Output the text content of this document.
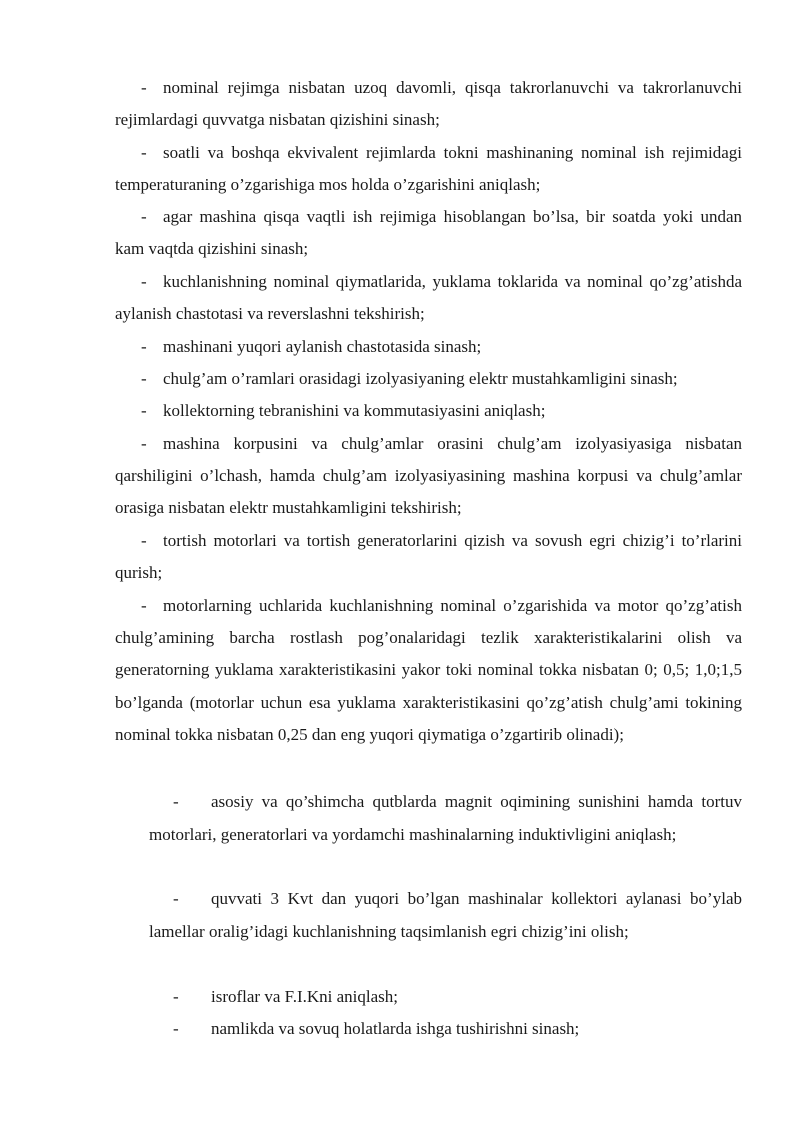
- nominal rejimga nisbatan uzoq davomli, qisqa takrorlanuvchi va takrorlanuvchi rejimlardagi quvvatga nisbatan qizishini sinash;

- soatli va boshqa ekvivalent rejimlarda tokni mashinaning nominal ish rejimidagi temperaturaning o’zgarishiga mos holda o’zgarishini aniqlash;

- agar mashina qisqa vaqtli ish rejimiga hisoblangan bo’lsa, bir soatda yoki undan kam vaqtda qizishini sinash;

- kuchlanishning nominal qiymatlarida, yuklama toklarida va nominal qo’zg’atishda aylanish chastotasi va reverslashni tekshirish;

- mashinani yuqori aylanish chastotasida sinash;

- chulg’am o’ramlari orasidagi izolyasiyaning elektr mustahkamligini sinash;

- kollektorning tebranishini va kommutasiyasini aniqlash;

- mashina korpusini va chulg’amlar orasini chulg’am izolyasiyasiga nisbatan qarshiligini o’lchash, hamda chulg’am izolyasiyasining mashina korpusi va chulg’amlar orasiga nisbatan elektr mustahkamligini tekshirish;

- tortish motorlari va tortish generatorlarini qizish va sovush egri chizig’i to’rlarini qurish;

- motorlarning uchlarida kuchlanishning nominal o’zgarishida va motor qo’zg’atish chulg’amining barcha rostlash pog’onalaridagi tezlik xarakteristikalarini olish va generatorning yuklama xarakteristikasini yakor toki nominal tokka nisbatan 0; 0,5; 1,0;1,5 bo’lganda (motorlar uchun esa yuklama xarakteristikasini qo’zg’atish chulg’ami tokining nominal tokka nisbatan 0,25 dan eng yuqori qiymatiga o’zgartirib olinadi);

- asosiy va qo’shimcha qutblarda magnit oqimining sunishini hamda tortuv motorlari, generatorlari va yordamchi mashinalarning induktivligini aniqlash;

- quvvati 3 Kvt dan yuqori bo’lgan mashinalar kollektori aylanasi bo’ylab lamellar oralig’idagi kuchlanishning taqsimlanish egri chizig’ini olish;

- isroflar va F.I.Kni aniqlash;

- namlikda va sovuq holatlarda ishga tushirishni sinash;
